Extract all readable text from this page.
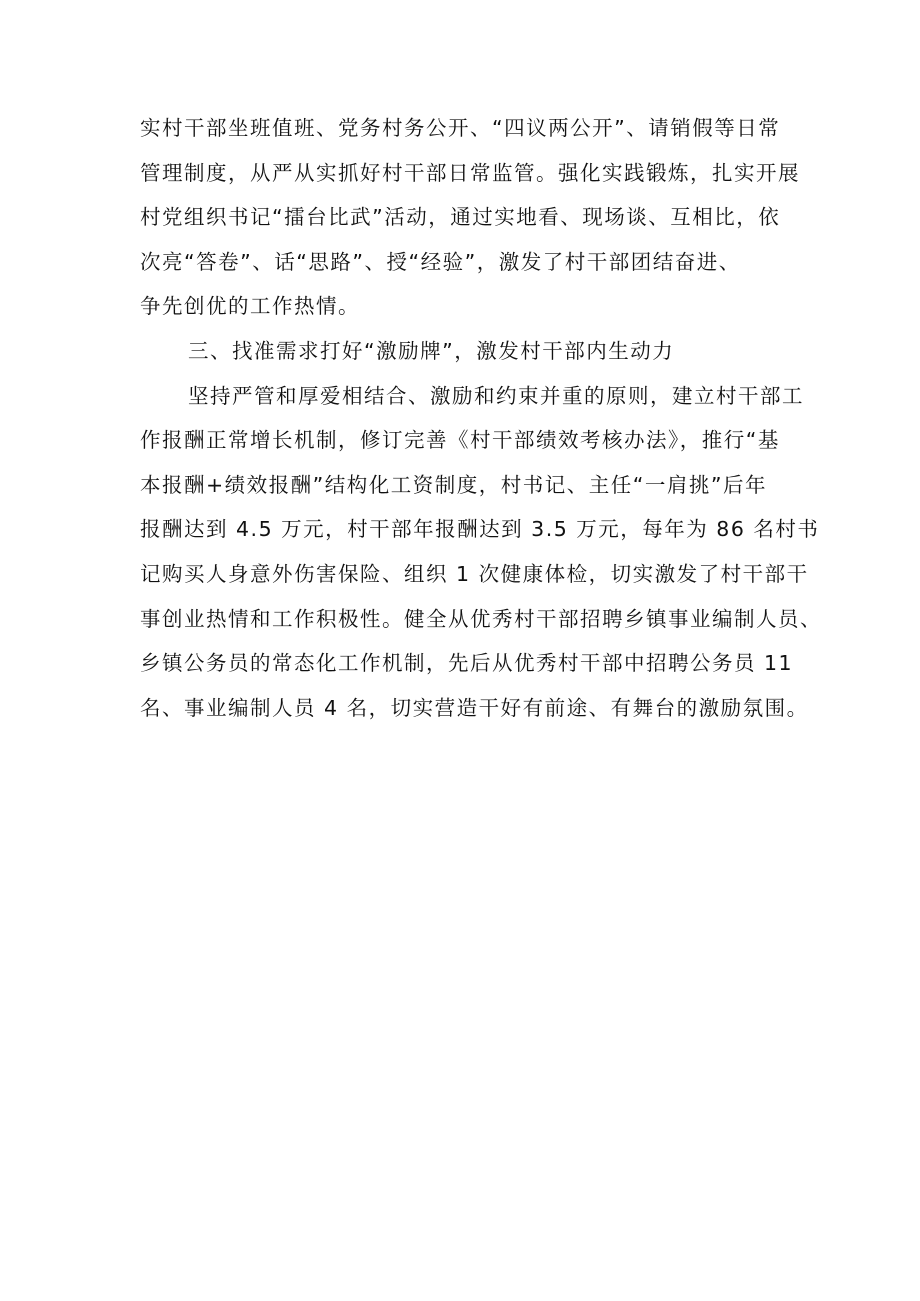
实村干部坐班值班、党务村务公开、“四议两公开”、请销假等日常
管理制度，从严从实抓好村干部日常监管。强化实践锻炼，扎实开展
村党组织书记“擂台比武”活动，通过实地看、现场谈、互相比，依
次亮“答卷”、话“思路”、授“经验”，激发了村干部团结奋进、
争先创优的工作热情。
三、找准需求打好“激励牌”，激发村干部内生动力
坚持严管和厚爱相结合、激励和约束并重的原则，建立村干部工
作报酬正常增长机制，修订完善《村干部绩效考核办法》，推行“基
本报酬+绩效报酬”结构化工资制度，村书记、主任“一肩挑”后年
报酬达到 4.5 万元，村干部年报酬达到 3.5 万元，每年为 86 名村书
记购买人身意外伤害保险、组织 1 次健康体检，切实激发了村干部干
事创业热情和工作积极性。健全从优秀村干部招聘乡镇事业编制人员、
乡镇公务员的常态化工作机制，先后从优秀村干部中招聘公务员 11
名、事业编制人员 4 名，切实营造干好有前途、有舞台的激励氛围。
